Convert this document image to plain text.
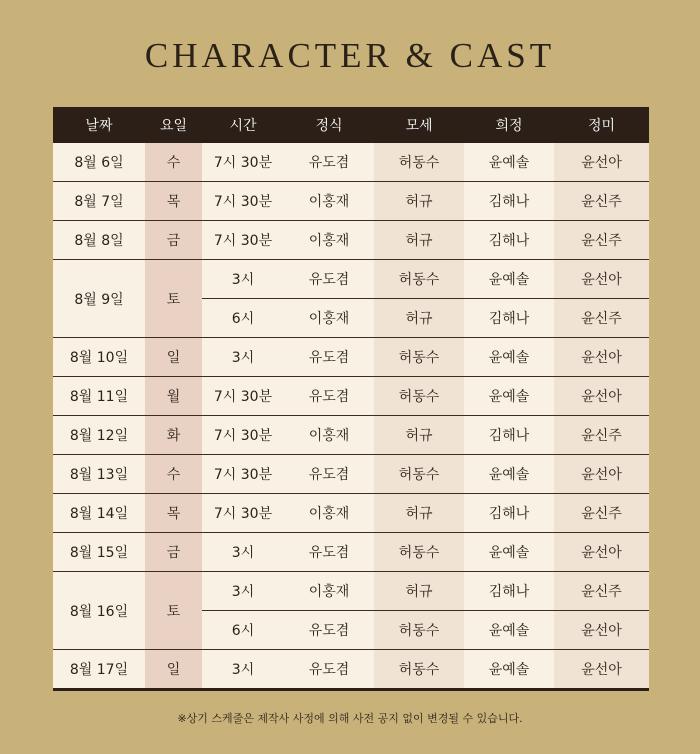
CHARACTER & CAST
날짜	요일	시간	정식	모세	희정	정미
8월 6일	수	7시 30분	유도겸	허동수	윤예솔	윤선아
8월 7일	목	7시 30분	이홍재	허규	김해나	윤신주
8월 8일	금	7시 30분	이홍재	허규	김해나	윤신주
8월 9일	토	3시	유도겸	허동수	윤예솔	윤선아
		6시	이홍재	허규	김해나	윤신주
8월 10일	일	3시	유도겸	허동수	윤예솔	윤선아
8월 11일	월	7시 30분	유도겸	허동수	윤예솔	윤선아
8월 12일	화	7시 30분	이홍재	허규	김해나	윤신주
8월 13일	수	7시 30분	유도겸	허동수	윤예솔	윤선아
8월 14일	목	7시 30분	이홍재	허규	김해나	윤신주
8월 15일	금	3시	유도겸	허동수	윤예솔	윤선아
8월 16일	토	3시	이홍재	허규	김해나	윤신주
		6시	유도겸	허동수	윤예솔	윤선아
8월 17일	일	3시	유도겸	허동수	윤예솔	윤선아
※상기 스케줄은 제작사 사정에 의해 사전 공지 없이 변경될 수 있습니다.
